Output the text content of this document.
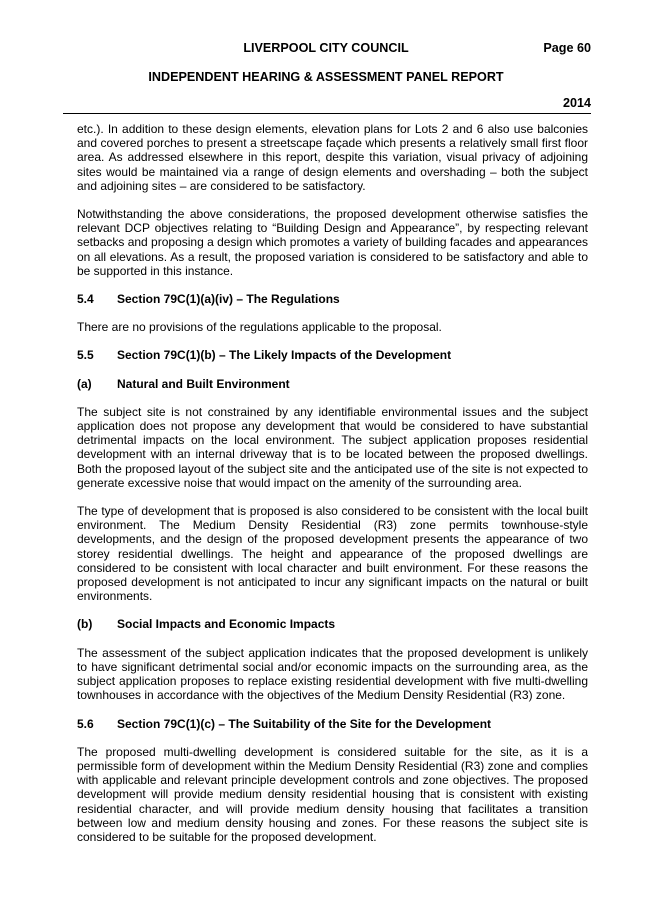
LIVERPOOL CITY COUNCIL	Page 60
INDEPENDENT HEARING & ASSESSMENT PANEL REPORT
2014

etc.). In addition to these design elements, elevation plans for Lots 2 and 6 also use balconies and covered porches to present a streetscape façade which presents a relatively small first floor area. As addressed elsewhere in this report, despite this variation, visual privacy of adjoining sites would be maintained via a range of design elements and overshading – both the subject and adjoining sites – are considered to be satisfactory.

Notwithstanding the above considerations, the proposed development otherwise satisfies the relevant DCP objectives relating to “Building Design and Appearance”, by respecting relevant setbacks and proposing a design which promotes a variety of building facades and appearances on all elevations. As a result, the proposed variation is considered to be satisfactory and able to be supported in this instance.

5.4	Section 79C(1)(a)(iv) – The Regulations

There are no provisions of the regulations applicable to the proposal.

5.5	Section 79C(1)(b) – The Likely Impacts of the Development
(a)	Natural and Built Environment

The subject site is not constrained by any identifiable environmental issues and the subject application does not propose any development that would be considered to have substantial detrimental impacts on the local environment. The subject application proposes residential development with an internal driveway that is to be located between the proposed dwellings. Both the proposed layout of the subject site and the anticipated use of the site is not expected to generate excessive noise that would impact on the amenity of the surrounding area.

The type of development that is proposed is also considered to be consistent with the local built environment. The Medium Density Residential (R3) zone permits townhouse-style developments, and the design of the proposed development presents the appearance of two storey residential dwellings. The height and appearance of the proposed dwellings are considered to be consistent with local character and built environment. For these reasons the proposed development is not anticipated to incur any significant impacts on the natural or built environments.

(b)	Social Impacts and Economic Impacts

The assessment of the subject application indicates that the proposed development is unlikely to have significant detrimental social and/or economic impacts on the surrounding area, as the subject application proposes to replace existing residential development with five multi-dwelling townhouses in accordance with the objectives of the Medium Density Residential (R3) zone.

5.6	Section 79C(1)(c) – The Suitability of the Site for the Development

The proposed multi-dwelling development is considered suitable for the site, as it is a permissible form of development within the Medium Density Residential (R3) zone and complies with applicable and relevant principle development controls and zone objectives. The proposed development will provide medium density residential housing that is consistent with existing residential character, and will provide medium density housing that facilitates a transition between low and medium density housing and zones. For these reasons the subject site is considered to be suitable for the proposed development.
